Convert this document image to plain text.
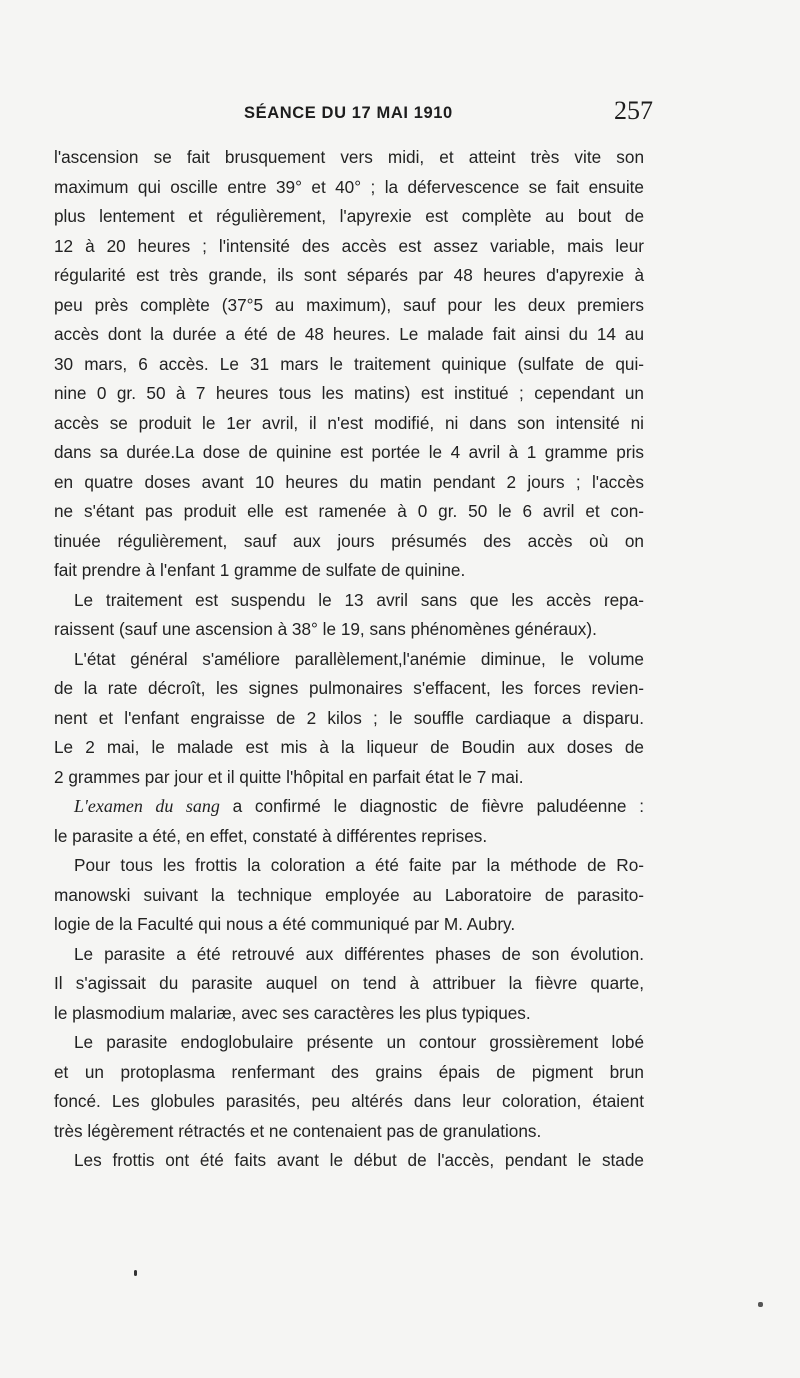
SÉANCE DU 17 MAI 1910	257

l'ascension se fait brusquement vers midi, et atteint très vite son
maximum qui oscille entre 39° et 40° ; la défervescence se fait ensuite
plus lentement et régulièrement, l'apyrexie est complète au bout de
12 à 20 heures ; l'intensité des accès est assez variable, mais leur
régularité est très grande, ils sont séparés par 48 heures d'apyrexie à
peu près complète (37°5 au maximum), sauf pour les deux premiers
accès dont la durée a été de 48 heures. Le malade fait ainsi du 14 au
30 mars, 6 accès. Le 31 mars le traitement quinique (sulfate de qui-
nine 0 gr. 50 à 7 heures tous les matins) est institué ; cependant un
accès se produit le 1er avril, il n'est modifié, ni dans son intensité ni
dans sa durée.La dose de quinine est portée le 4 avril à 1 gramme pris
en quatre doses avant 10 heures du matin pendant 2 jours ; l'accès
ne s'étant pas produit elle est ramenée à 0 gr. 50 le 6 avril et con-
tinuée régulièrement, sauf aux jours présumés des accès où on
fait prendre à l'enfant 1 gramme de sulfate de quinine.

Le traitement est suspendu le 13 avril sans que les accès repa-
raissent (sauf une ascension à 38° le 19, sans phénomènes généraux).

L'état général s'améliore parallèlement,l'anémie diminue, le volume
de la rate décroît, les signes pulmonaires s'effacent, les forces revien-
nent et l'enfant engraisse de 2 kilos ; le souffle cardiaque a disparu.
Le 2 mai, le malade est mis à la liqueur de Boudin aux doses de
2 grammes par jour et il quitte l'hôpital en parfait état le 7 mai.

L'examen du sang a confirmé le diagnostic de fièvre paludéenne :
le parasite a été, en effet, constaté à différentes reprises.

Pour tous les frottis la coloration a été faite par la méthode de Ro-
manowski suivant la technique employée au Laboratoire de parasito-
logie de la Faculté qui nous a été communiqué par M. Aubry.

Le parasite a été retrouvé aux différentes phases de son évolution.
Il s'agissait du parasite auquel on tend à attribuer la fièvre quarte,
le plasmodium malariæ, avec ses caractères les plus typiques.

Le parasite endoglobulaire présente un contour grossièrement lobé
et un protoplasma renfermant des grains épais de pigment brun
foncé. Les globules parasités, peu altérés dans leur coloration, étaient
très légèrement rétractés et ne contenaient pas de granulations.

Les frottis ont été faits avant le début de l'accès, pendant le stade
